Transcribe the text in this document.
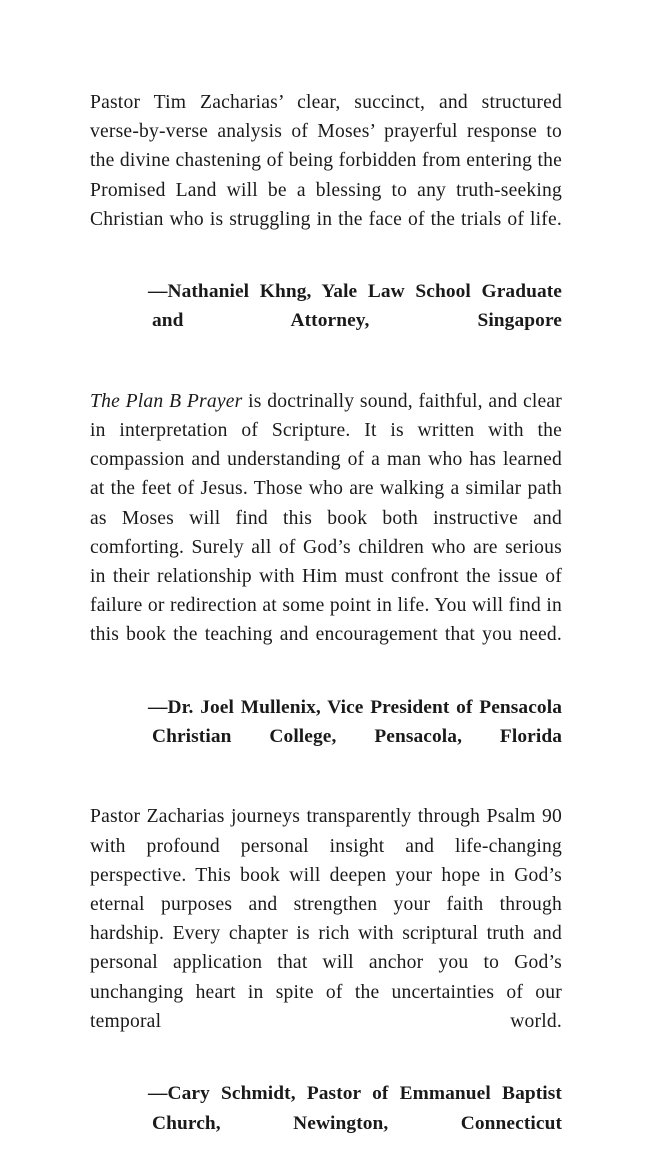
Pastor Tim Zacharias’ clear, succinct, and structured verse-by-verse analysis of Moses’ prayerful response to the divine chastening of being forbidden from entering the Promised Land will be a blessing to any truth-seeking Christian who is struggling in the face of the trials of life.

—Nathaniel Khng, Yale Law School Graduate and Attorney, Singapore

The Plan B Prayer is doctrinally sound, faithful, and clear in interpretation of Scripture. It is written with the compassion and understanding of a man who has learned at the feet of Jesus. Those who are walking a similar path as Moses will find this book both instructive and comforting. Surely all of God’s children who are serious in their relationship with Him must confront the issue of failure or redirection at some point in life. You will find in this book the teaching and encouragement that you need.

—Dr. Joel Mullenix, Vice President of Pensacola Christian College, Pensacola, Florida

Pastor Zacharias journeys transparently through Psalm 90 with profound personal insight and life-changing perspective. This book will deepen your hope in God’s eternal purposes and strengthen your faith through hardship. Every chapter is rich with scriptural truth and personal application that will anchor you to God’s unchanging heart in spite of the uncertainties of our temporal world.

—Cary Schmidt, Pastor of Emmanuel Baptist Church, Newington, Connecticut
